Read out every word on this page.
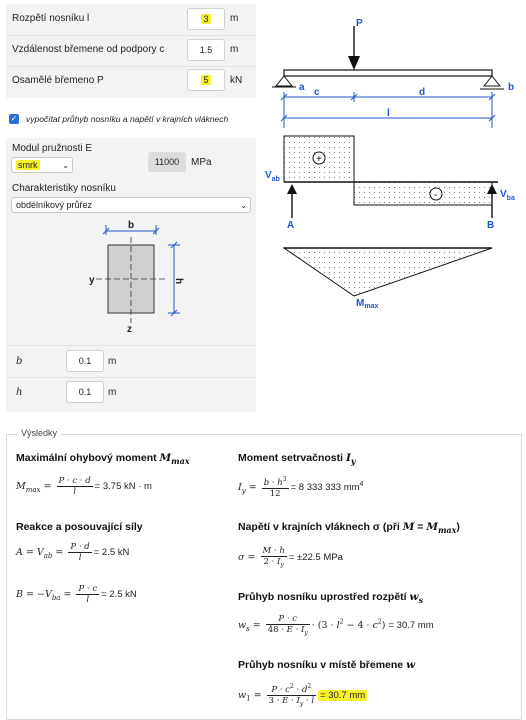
Rozpětí nosníku l	3	m
Vzdálenost břemene od podpory c	1.5	m
Osamělé břemeno P	5	kN
✓ vypočítat průhyb nosníku a napětí v krajních vláknech
Modul pružnosti E
smrk	⌄	11000	MPa
Charakteristiky nosníku
obdélníkový průřez	⌄
b
h
y
z
b	0.1	m
h	0.1	m
P
a	b
c	d
l
+
-
A	B
$V_{ab}$
$V_{ba}$
$M_{max}$
Výsledky
Maximální ohybový moment $M_{max}$
$M_{max} = \frac{P \cdot c \cdot d}{l} = 3.75$ kN · m
Reakce a posouvající síly
$A = V_{ab} = \frac{P \cdot d}{l} = 2.5$ kN
$B = -V_{ba} = \frac{P \cdot c}{l} = 2.5$ kN
Moment setrvačnosti $I_y$
$I_y = \frac{b \cdot h^3}{12} = 8$ 333 333 $mm^4$
Napětí v krajních vláknech σ (při $M = M_{max}$)
$\sigma = \frac{M \cdot h}{2 \cdot I_y} = \pm 22.5$ MPa
Průhyb nosníku uprostřed rozpětí $w_s$
$w_s = \frac{P \cdot c}{48 \cdot E \cdot I_y} \cdot (3 \cdot l^2 - 4 \cdot c^2) = 30.7$ mm
Průhyb nosníku v místě břemene w
$w_1 = \frac{P \cdot c^2 \cdot d^2}{3 \cdot E \cdot I_y \cdot l} = 30.7$ mm
